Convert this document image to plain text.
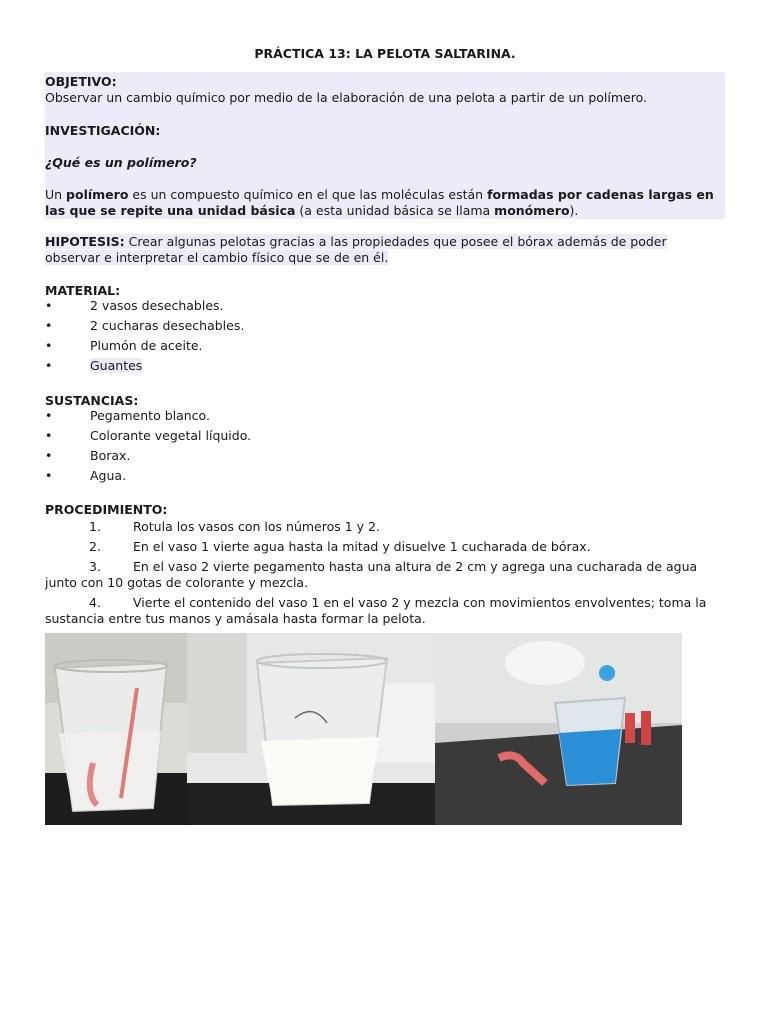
PRÁCTICA 13: LA PELOTA SALTARINA.
OBJETIVO:
Observar un cambio químico por medio de la elaboración de una pelota a partir de un polímero.
INVESTIGACIÓN:
¿Qué es un polímero?
Un polímero es un compuesto químico en el que las moléculas están formadas por cadenas largas en las que se repite una unidad básica (a esta unidad básica se llama monómero).
HIPOTESIS: Crear algunas pelotas gracias a las propiedades que posee el bórax además de poder observar e interpretar el cambio físico que se de en él.
MATERIAL:
•	2 vasos desechables.
•	2 cucharas desechables.
•	Plumón de aceite.
•	Guantes
SUSTANCIAS:
•	Pegamento blanco.
•	Colorante vegetal líquido.
•	Borax.
•	Agua.
PROCEDIMIENTO:
1.	Rotula los vasos con los números 1 y 2.
2.	En el vaso 1 vierte agua hasta la mitad y disuelve 1 cucharada de bórax.
3.	En el vaso 2 vierte pegamento hasta una altura de 2 cm y agrega una cucharada de agua junto con 10 gotas de colorante y mezcla.
4.	Vierte el contenido del vaso 1 en el vaso 2 y mezcla con movimientos envolventes; toma la sustancia entre tus manos y amásala hasta formar la pelota.
